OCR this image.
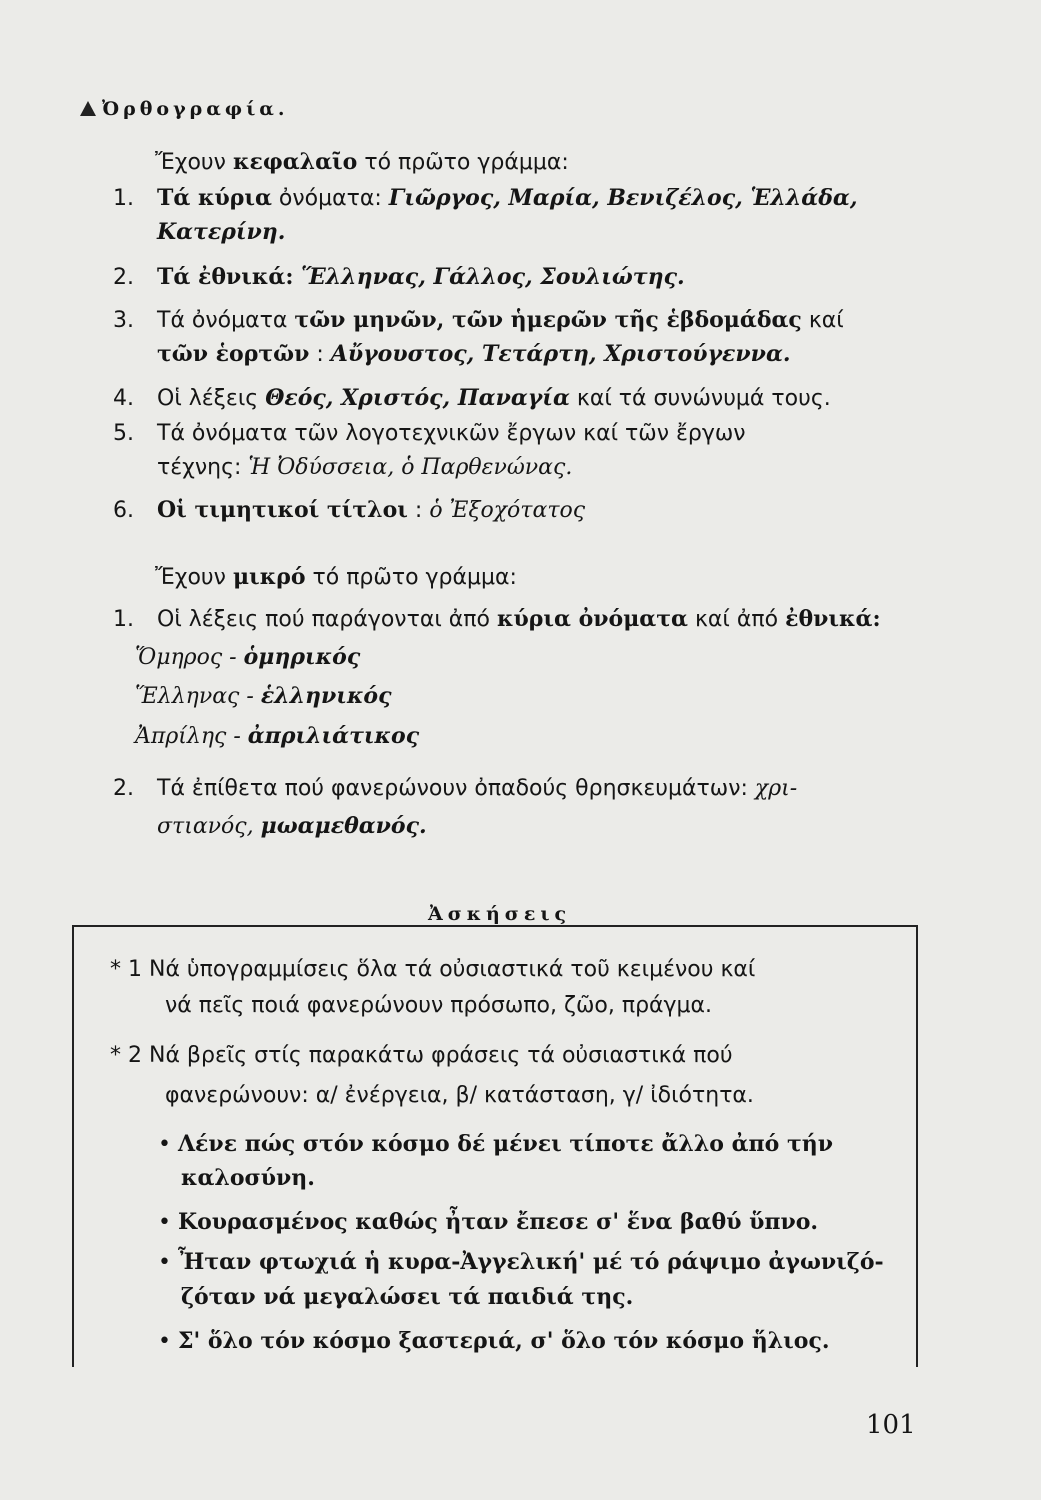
Ὀρθογραφία.
Ἔχουν κεφαλαῖο τό πρῶτο γράμμα:
1. Τά κύρια ὀνόματα: Γιῶργος, Μαρία, Βενιζέλος, Ἑλλάδα,
Κατερίνη.
2. Τά ἐθνικά: Ἕλληνας, Γάλλος, Σουλιώτης.
3. Τά ὀνόματα τῶν μηνῶν, τῶν ἡμερῶν τῆς ἑβδομάδας καί
τῶν ἑορτῶν : Αὔγουστος, Τετάρτη, Χριστούγεννα.
4. Οἱ λέξεις Θεός, Χριστός, Παναγία καί τά συνώνυμά τους.
5. Τά ὀνόματα τῶν λογοτεχνικῶν ἔργων καί τῶν ἔργων
τέχνης: Ἡ Ὀδύσσεια, ὁ Παρθενώνας.
6. Οἱ τιμητικοί τίτλοι : ὁ Ἐξοχότατος
Ἔχουν μικρό τό πρῶτο γράμμα:
1. Οἱ λέξεις πού παράγονται ἀπό κύρια ὀνόματα καί ἀπό ἐθνικά:
Ὅμηρος - ὁμηρικός
Ἕλληνας - ἑλληνικός
Ἀπρίλης - ἀπριλιάτικος
2. Τά ἐπίθετα πού φανερώνουν ὀπαδούς θρησκευμάτων: χρι-
στιανός, μωαμεθανός.
Ἀσκήσεις
* 1 Νά ὑπογραμμίσεις ὅλα τά οὐσιαστικά τοῦ κειμένου καί
νά πεῖς ποιά φανερώνουν πρόσωπο, ζῶο, πράγμα.
* 2 Νά βρεῖς στίς παρακάτω φράσεις τά οὐσιαστικά πού
φανερώνουν: α/ ἐνέργεια, β/ κατάσταση, γ/ ἰδιότητα.
• Λένε πώς στόν κόσμο δέ μένει τίποτε ἄλλο ἀπό τήν
καλοσύνη.
• Κουρασμένος καθώς ἦταν ἔπεσε σ' ἕνα βαθύ ὕπνο.
• Ἦταν φτωχιά ἡ κυρα-Ἀγγελική' μέ τό ράψιμο ἀγωνιζό-
ζόταν νά μεγαλώσει τά παιδιά της.
• Σ' ὅλο τόν κόσμο ξαστεριά, σ' ὅλο τόν κόσμο ἥλιος.
101
